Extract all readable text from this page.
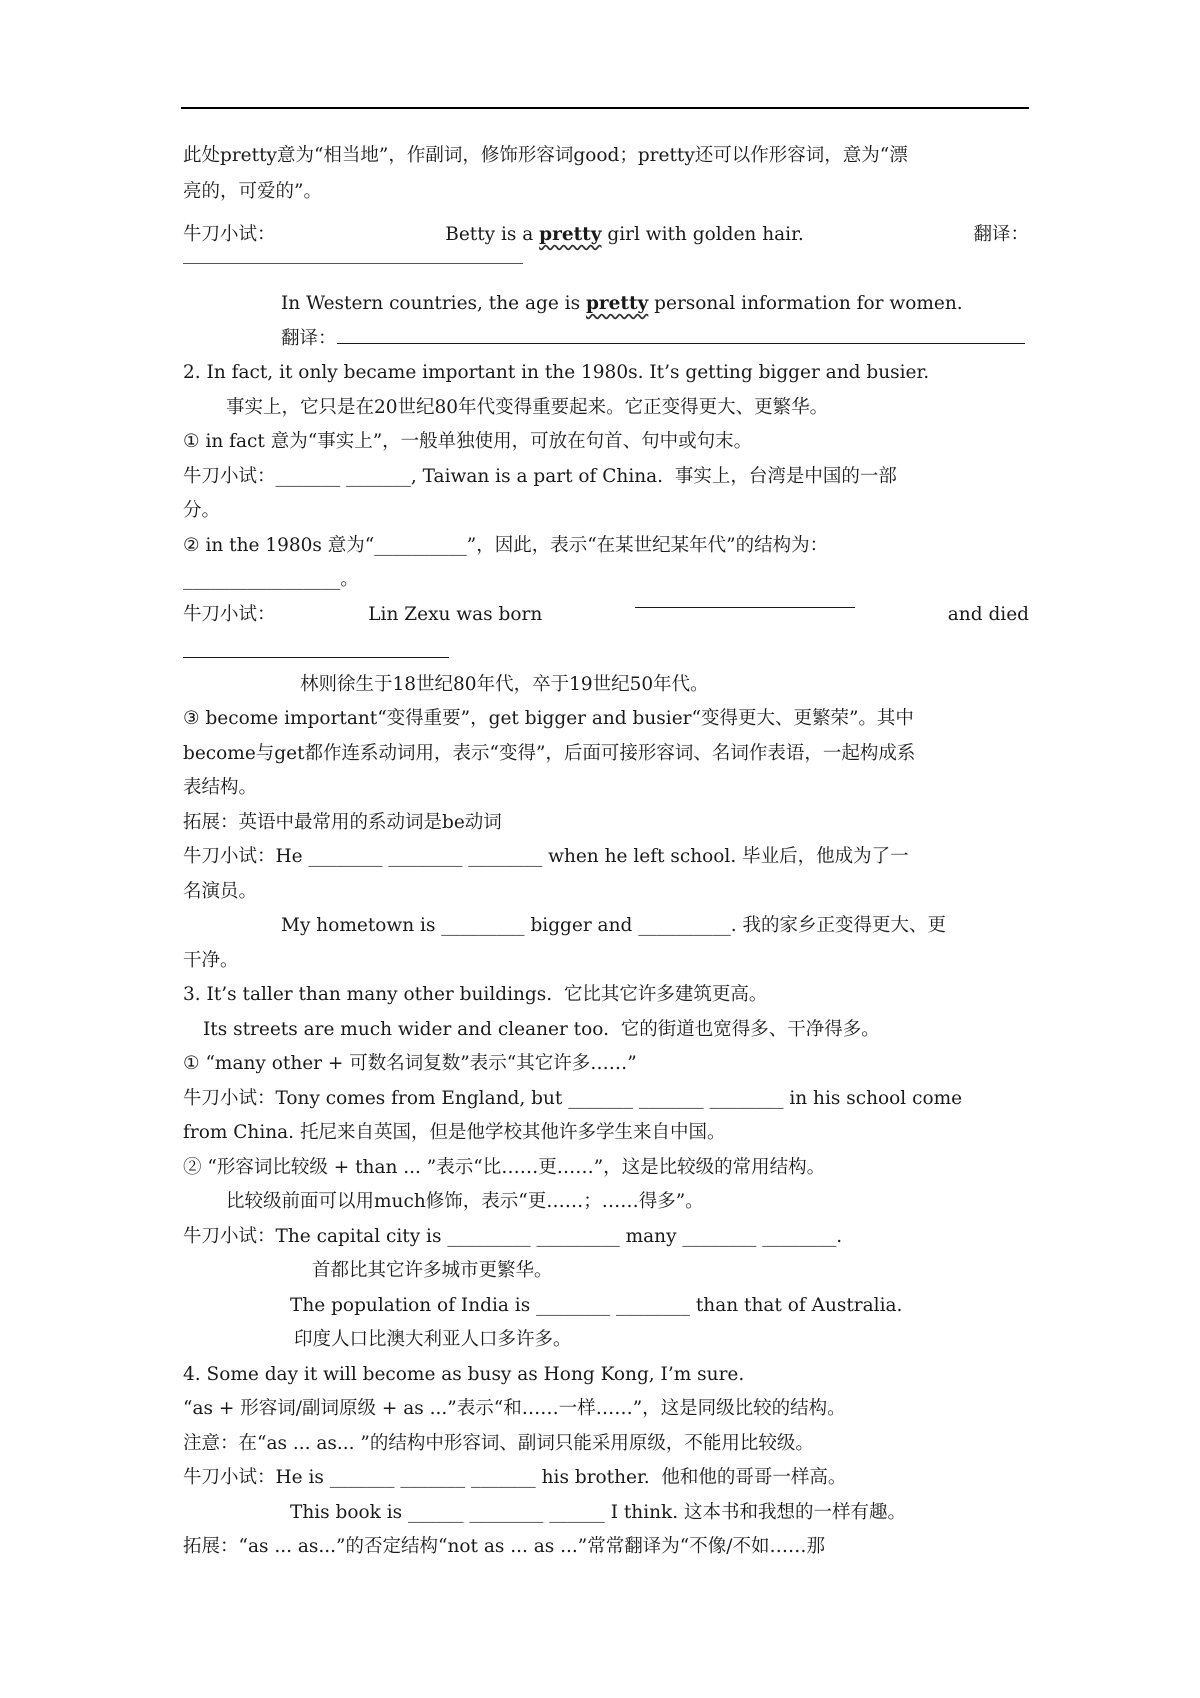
此处pretty意为“相当地”，作副词，修饰形容词good；pretty还可以作形容词，意为“漂
亮的，可爱的”。
牛刀小试：	Betty is a pretty girl with golden hair.	翻译：
In Western countries, the age is pretty personal information for women.
翻译：
2. In fact, it only became important in the 1980s. It’s getting bigger and busier.
事实上，它只是在20世纪80年代变得重要起来。它正变得更大、更繁华。
① in fact 意为“事实上”，一般单独使用，可放在句首、句中或句末。
牛刀小试：_______ _______, Taiwan is a part of China.  事实上，台湾是中国的一部
分。
② in the 1980s 意为“__________”，因此，表示“在某世纪某年代”的结构为：
_________________。
牛刀小试：	Lin Zexu was born	and died
林则徐生于18世纪80年代，卒于19世纪50年代。
③ become important“变得重要”，get bigger and busier“变得更大、更繁荣”。其中
become与get都作连系动词用，表示“变得”，后面可接形容词、名词作表语，一起构成系
表结构。
拓展：英语中最常用的系动词是be动词
牛刀小试：He ________ ________ ________ when he left school. 毕业后，他成为了一
名演员。
My hometown is _________ bigger and __________. 我的家乡正变得更大、更
干净。
3. It’s taller than many other buildings.  它比其它许多建筑更高。
Its streets are much wider and cleaner too.  它的街道也宽得多、干净得多。
① “many other + 可数名词复数”表示“其它许多……”
牛刀小试：Tony comes from England, but _______ _______ ________ in his school come
from China. 托尼来自英国，但是他学校其他许多学生来自中国。
② “形容词比较级 + than ... ”表示“比……更……”，这是比较级的常用结构。
比较级前面可以用much修饰，表示“更……；……得多”。
牛刀小试：The capital city is _________ _________ many ________ ________.
首都比其它许多城市更繁华。
The population of India is ________ ________ than that of Australia.
印度人口比澳大利亚人口多许多。
4. Some day it will become as busy as Hong Kong, I’m sure.
“as + 形容词/副词原级 + as ...”表示“和……一样……”，这是同级比较的结构。
注意：在“as ... as... ”的结构中形容词、副词只能采用原级，不能用比较级。
牛刀小试：He is _______ _______ _______ his brother.  他和他的哥哥一样高。
This book is ______ ________ ______ I think. 这本书和我想的一样有趣。
拓展：“as ... as...”的否定结构“not as ... as ...”常常翻译为“不像/不如……那
